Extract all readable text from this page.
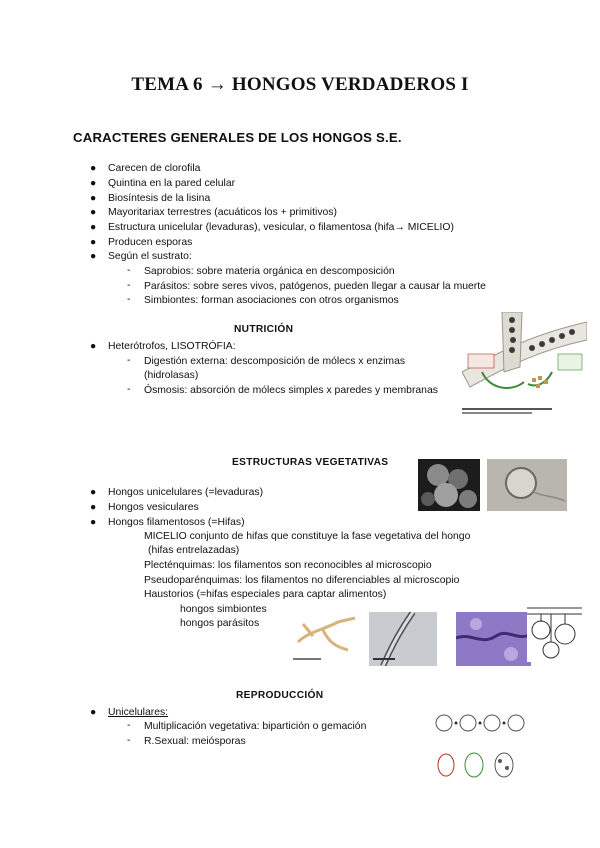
TEMA 6 → HONGOS VERDADEROS I
CARACTERES GENERALES DE LOS HONGOS S.E.
● Carecen de clorofila
● Quintina en la pared celular
● Biosíntesis de la lisina
● Mayoritariax terrestres (acuáticos los + primitivos)
● Estructura unicelular (levaduras), vesicular, o filamentosa (hifa→ MICELIO)
● Producen esporas
● Según el sustrato:
- Saprobios: sobre materia orgánica en descomposición
- Parásitos: sobre seres vivos, patógenos, pueden llegar a causar la muerte
- Simbiontes: forman asociaciones con otros organismos
NUTRICIÓN
● Heterótrofos, LISOTRÓFIA:
- Digestión externa: descomposición de mólecs x enzimas
(hidrolasas)
- Ósmosis: absorción de mólecs simples x paredes y membranas
ESTRUCTURAS VEGETATIVAS
● Hongos unicelulares (=levaduras)
● Hongos vesiculares
● Hongos filamentosos (=Hifas)
MICELIO conjunto de hifas que constituye la fase vegetativa del hongo
(hifas entrelazadas)
Plecténquimas: los filamentos son reconocibles al microscopio
Pseudoparénquimas: los filamentos no diferenciables al microscopio
Haustorios (=hifas especiales para captar alimentos)
hongos simbiontes
hongos parásitos
REPRODUCCIÓN
● Unicelulares:
- Multiplicación vegetativa: bipartición o gemación
- R.Sexual: meiósporas
